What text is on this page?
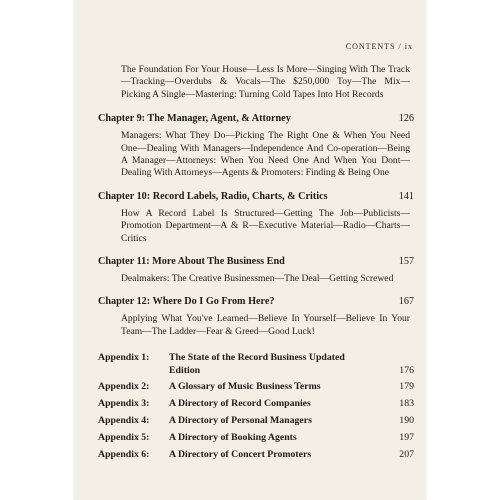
CONTENTS / ix

The Foundation For Your House—Less Is More—Singing With The Track—Tracking—Overdubs & Vocals—The $250,000 Toy—The Mix—Picking A Single—Mastering: Turning Cold Tapes Into Hot Records

Chapter 9: The Manager, Agent, & Attorney	126

Managers: What They Do—Picking The Right One & When You Need One—Dealing With Managers—Independence And Co-operation—Being A Manager—Attorneys: When You Need One And When You Dont—Dealing With Attorneys—Agents & Promoters: Finding & Being One

Chapter 10: Record Labels, Radio, Charts, & Critics	141

How A Record Label Is Structured—Getting The Job—Publicists—Promotion Department—A & R—Executive Material—Radio—Charts—Critics

Chapter 11: More About The Business End	157

Dealmakers: The Creative Businessmen—The Deal—Getting Screwed

Chapter 12: Where Do I Go From Here?	167

Applying What You've Learned—Believe In Yourself—Believe In Your Team—The Ladder—Fear & Greed—Good Luck!

Appendix 1:	The State of the Record Business Updated Edition	176
Appendix 2:	A Glossary of Music Business Terms	179
Appendix 3:	A Directory of Record Companies	183
Appendix 4:	A Directory of Personal Managers	190
Appendix 5:	A Directory of Booking Agents	197
Appendix 6:	A Directory of Concert Promoters	207
